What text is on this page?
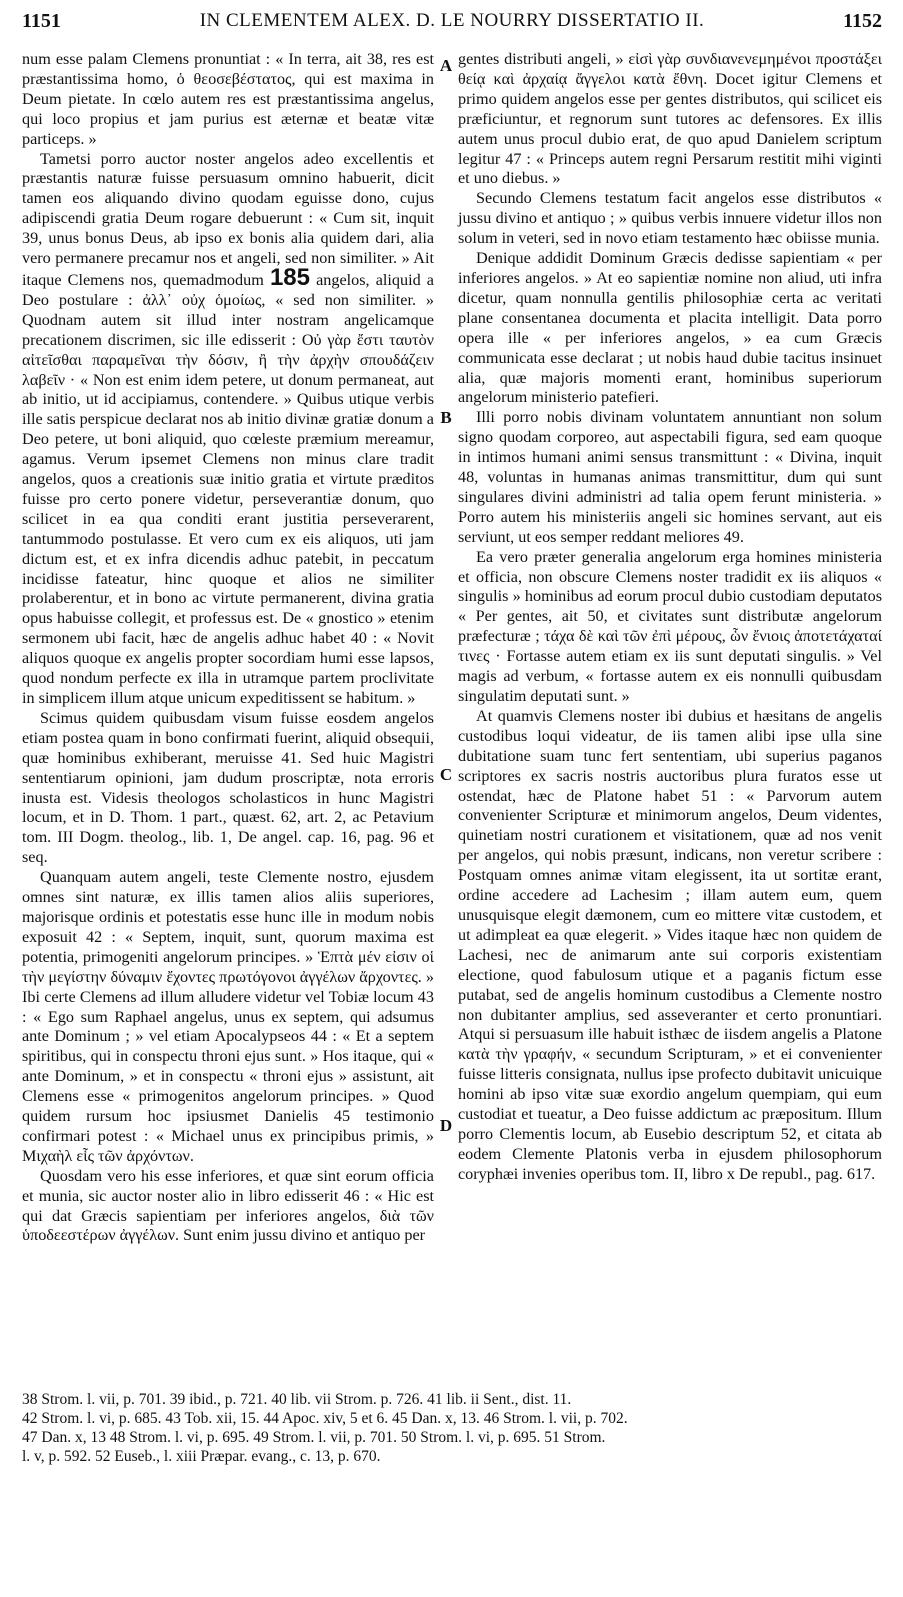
1151	IN CLEMENTEM ALEX. D. LE NOURRY DISSERTATIO II.	1152

num esse palam Clemens pronuntiat : « In terra, ait 38, res est præstantissima homo, ὁ θεοσεβέστατος, qui est maxima in Deum pietate. In cœlo autem res est præstantissima angelus, qui loco propius et jam purius est æternæ et beatæ vitæ particeps. »

Tametsi porro auctor noster angelos adeo excellentis et præstantis naturæ fuisse persuasum omnino habuerit, dicit tamen eos aliquando divino quodam eguisse dono, cujus adipiscendi gratia Deum rogare debuerunt : « Cum sit, inquit 39, unus bonus Deus, ab ipso ex bonis alia quidem dari, alia vero permanere precamur nos et angeli, sed non similiter. » Ait itaque Clemens nos, quemadmodum 185 angelos, aliquid a Deo postulare : ἀλλ᾽ οὐχ ὁμοίως, « sed non similiter. » Quodnam autem sit illud inter nostram angelicamque precationem discrimen, sic ille edisserit : Οὐ γὰρ ἔστι ταυτὸν αἰτεῖσθαι παραμεῖναι τὴν δόσιν, ἢ τὴν ἀρχὴν σπουδάζειν λαβεῖν · « Non est enim idem petere, ut donum permaneat, aut ab initio, ut id accipiamus, contendere. » Quibus utique verbis ille satis perspicue declarat nos ab initio divinæ gratiæ donum a Deo petere, ut boni aliquid, quo cœleste præmium mereamur, agamus. Verum ipsemet Clemens non minus clare tradit angelos, quos a creationis suæ initio gratia et virtute præditos fuisse pro certo ponere videtur, perseverantiæ donum, quo scilicet in ea qua conditi erant justitia perseverarent, tantummodo postulasse. Et vero cum ex eis aliquos, uti jam dictum est, et ex infra dicendis adhuc patebit, in peccatum incidisse fateatur, hinc quoque et alios ne similiter prolaberentur, et in bono ac virtute permanerent, divina gratia opus habuisse collegit, et professus est. De « gnostico » etenim sermonem ubi facit, hæc de angelis adhuc habet 40 : « Novit aliquos quoque ex angelis propter socordiam humi esse lapsos, quod nondum perfecte ex illa in utramque partem proclivitate in simplicem illum atque unicum expeditissent se habitum. »

Scimus quidem quibusdam visum fuisse eosdem angelos etiam postea quam in bono confirmati fuerint, aliquid obsequii, quæ hominibus exhiberant, meruisse 41. Sed huic Magistri sententiarum opinioni, jam dudum proscriptæ, nota erroris inusta est. Videsis theologos scholasticos in hunc Magistri locum, et in D. Thom. 1 part., quæst. 62, art. 2, ac Petavium tom. III Dogm. theolog., lib. 1, De angel. cap. 16, pag. 96 et seq.

Quanquam autem angeli, teste Clemente nostro, ejusdem omnes sint naturæ, ex illis tamen alios aliis superiores, majorisque ordinis et potestatis esse hunc ille in modum nobis exposuit 42 : « Septem, inquit, sunt, quorum maxima est potentia, primogeniti angelorum principes. » Ἑπτὰ μέν εἰσιν οἱ τὴν μεγίστην δύναμιν ἔχοντες πρωτόγονοι ἀγγέλων ἄρχοντες. » Ibi certe Clemens ad illum alludere videtur vel Tobiæ locum 43 : « Ego sum Raphael angelus, unus ex septem, qui adsumus ante Dominum ; » vel etiam Apocalypseos 44 : « Et a septem spiritibus, qui in conspectu throni ejus sunt. » Hos itaque, qui « ante Dominum, » et in conspectu « throni ejus » assistunt, ait Clemens esse « primogenitos angelorum principes. » Quod quidem rursum hoc ipsiusmet Danielis 45 testimonio confirmari potest : « Michael unus ex principibus primis, » Μιχαὴλ εἷς τῶν ἀρχόντων.

Quosdam vero his esse inferiores, et quæ sint eorum officia et munia, sic auctor noster alio in libro edisserit 46 : « Hic est qui dat Græcis sapientiam per inferiores angelos, διὰ τῶν ὑποδεεστέρων ἀγγέλων. Sunt enim jussu divino et antiquo per

A
B
C
D

gentes distributi angeli, » εἰσὶ γὰρ συνδιανενεμημένοι προστάξει θείᾳ καὶ ἀρχαίᾳ ἄγγελοι κατὰ ἔθνη. Docet igitur Clemens et primo quidem angelos esse per gentes distributos, qui scilicet eis præficiuntur, et regnorum sunt tutores ac defensores. Ex illis autem unus procul dubio erat, de quo apud Danielem scriptum legitur 47 : « Princeps autem regni Persarum restitit mihi viginti et uno diebus. »

Secundo Clemens testatum facit angelos esse distributos « jussu divino et antiquo ; » quibus verbis innuere videtur illos non solum in veteri, sed in novo etiam testamento hæc obiisse munia.

Denique addidit Dominum Græcis dedisse sapientiam « per inferiores angelos. » At eo sapientiæ nomine non aliud, uti infra dicetur, quam nonnulla gentilis philosophiæ certa ac veritati plane consentanea documenta et placita intelligit. Data porro opera ille « per inferiores angelos, » ea cum Græcis communicata esse declarat ; ut nobis haud dubie tacitus insinuet alia, quæ majoris momenti erant, hominibus superiorum angelorum ministerio patefieri.

Illi porro nobis divinam voluntatem annuntiant non solum signo quodam corporeo, aut aspectabili figura, sed eam quoque in intimos humani animi sensus transmittunt : « Divina, inquit 48, voluntas in humanas animas transmittitur, dum qui sunt singulares divini administri ad talia opem ferunt ministeria. » Porro autem his ministeriis angeli sic homines servant, aut eis serviunt, ut eos semper reddant meliores 49.

Ea vero præter generalia angelorum erga homines ministeria et officia, non obscure Clemens noster tradidit ex iis aliquos « singulis » hominibus ad eorum procul dubio custodiam deputatos « Per gentes, ait 50, et civitates sunt distributæ angelorum præfecturæ ; τάχα δὲ καὶ τῶν ἐπὶ μέρους, ὧν ἔνιοις ἀποτετάχαταί τινες · Fortasse autem etiam ex iis sunt deputati singulis. » Vel magis ad verbum, « fortasse autem ex eis nonnulli quibusdam singulatim deputati sunt. »

At quamvis Clemens noster ibi dubius et hæsitans de angelis custodibus loqui videatur, de iis tamen alibi ipse ulla sine dubitatione suam tunc fert sententiam, ubi superius paganos scriptores ex sacris nostris auctoribus plura furatos esse ut ostendat, hæc de Platone habet 51 : « Parvorum autem convenienter Scripturæ et minimorum angelos, Deum videntes, quinetiam nostri curationem et visitationem, quæ ad nos venit per angelos, qui nobis præsunt, indicans, non veretur scribere : Postquam omnes animæ vitam elegissent, ita ut sortitæ erant, ordine accedere ad Lachesim ; illam autem eum, quem unusquisque elegit dæmonem, cum eo mittere vitæ custodem, et ut adimpleat ea quæ elegerit. » Vides itaque hæc non quidem de Lachesi, nec de animarum ante sui corporis existentiam electione, quod fabulosum utique et a paganis fictum esse putabat, sed de angelis hominum custodibus a Clemente nostro non dubitanter amplius, sed asseveranter et certo pronuntiari. Atqui si persuasum ille habuit isthæc de iisdem angelis a Platone κατὰ τὴν γραφήν, « secundum Scripturam, » et ei convenienter fuisse litteris consignata, nullus ipse profecto dubitavit unicuique homini ab ipso vitæ suæ exordio angelum quempiam, qui eum custodiat et tueatur, a Deo fuisse addictum ac præpositum. Illum porro Clementis locum, ab Eusebio descriptum 52, et citata ab eodem Clemente Platonis verba in ejusdem philosophorum coryphæi invenies operibus tom. II, libro x De republ., pag. 617.

38 Strom. l. vii, p. 701. 39 ibid., p. 721. 40 lib. vii Strom. p. 726. 41 lib. ii Sent., dist. 11.

42 Strom. l. vi, p. 685. 43 Tob. xii, 15. 44 Apoc. xiv, 5 et 6. 45 Dan. x, 13. 46 Strom. l. vii, p. 702.

47 Dan. x, 13 48 Strom. l. vi, p. 695. 49 Strom. l. vii, p. 701. 50 Strom. l. vi, p. 695. 51 Strom.

l. v, p. 592. 52 Euseb., l. xiii Præpar. evang., c. 13, p. 670.
